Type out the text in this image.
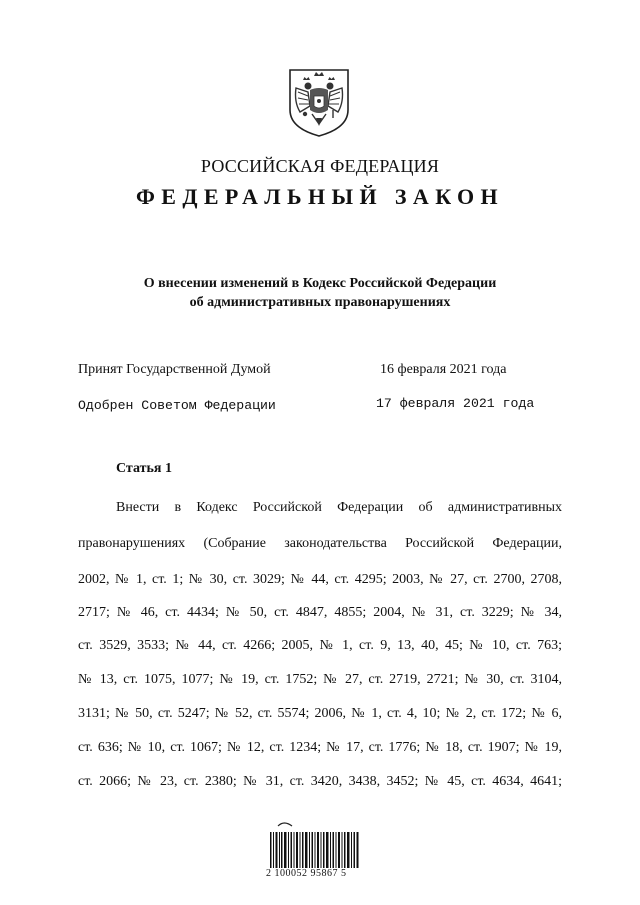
РОССИЙСКАЯ ФЕДЕРАЦИЯ
ФЕДЕРАЛЬНЫЙ ЗАКОН
О внесении изменений в Кодекс Российской Федерации
об административных правонарушениях
Принят Государственной Думой	16 февраля 2021 года
Одобрен Советом Федерации	17 февраля 2021 года
Статья 1
Внести в Кодекс Российской Федерации об административных
правонарушениях (Собрание законодательства Российской Федерации,
2002, № 1, ст. 1; № 30, ст. 3029; № 44, ст. 4295; 2003, № 27, ст. 2700, 2708,
2717; № 46, ст. 4434; № 50, ст. 4847, 4855; 2004, № 31, ст. 3229; № 34,
ст. 3529, 3533; № 44, ст. 4266; 2005, № 1, ст. 9, 13, 40, 45; № 10, ст. 763;
№ 13, ст. 1075, 1077; № 19, ст. 1752; № 27, ст. 2719, 2721; № 30, ст. 3104,
3131; № 50, ст. 5247; № 52, ст. 5574; 2006, № 1, ст. 4, 10; № 2, ст. 172; № 6,
ст. 636; № 10, ст. 1067; № 12, ст. 1234; № 17, ст. 1776; № 18, ст. 1907; № 19,
ст. 2066; № 23, ст. 2380; № 31, ст. 3420, 3438, 3452; № 45, ст. 4634, 4641;
2 100052 95867 5
